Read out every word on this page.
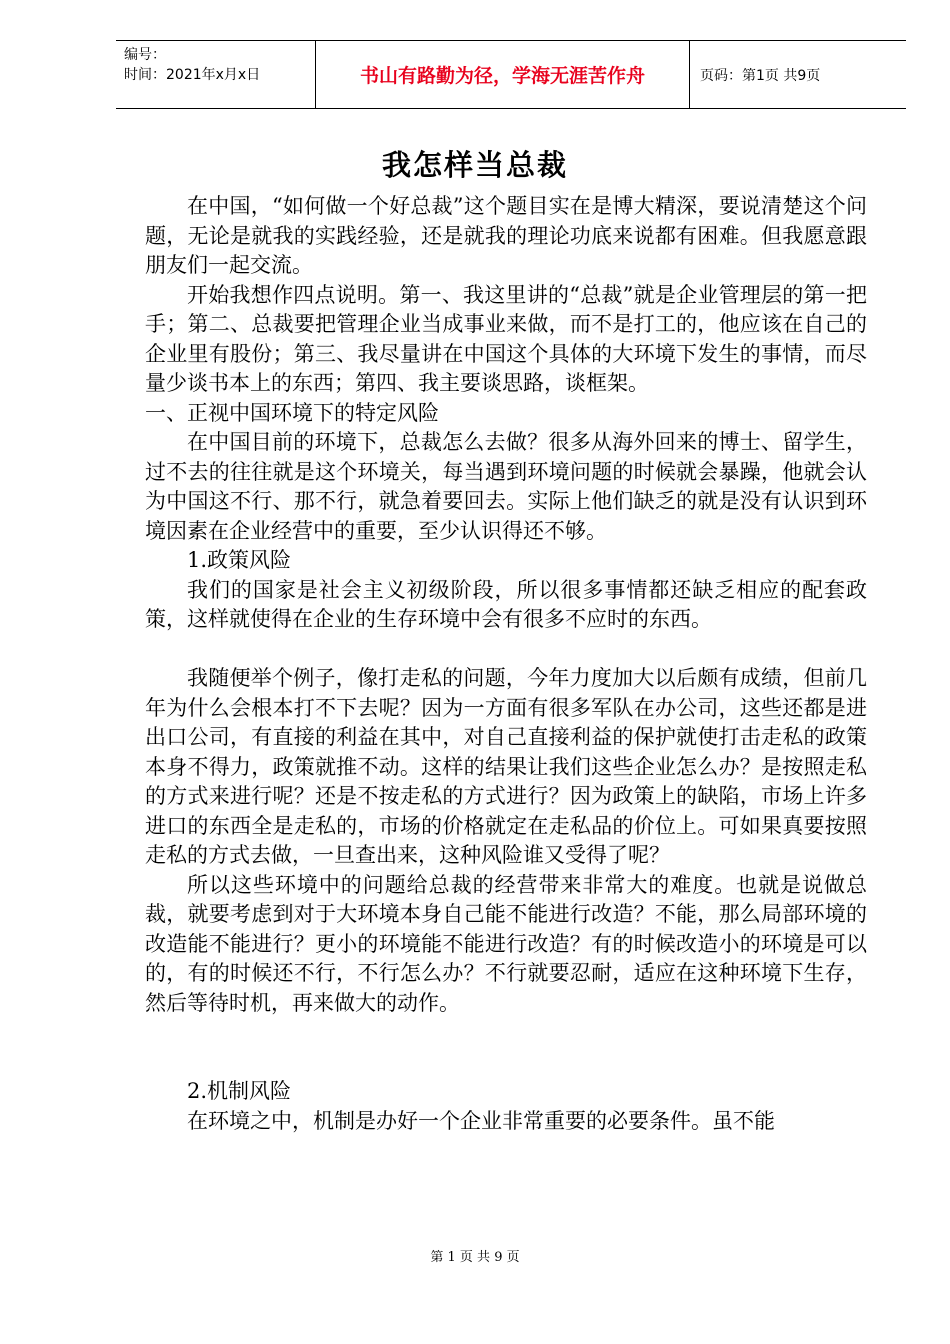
编号：
时间：2021年x月x日	书山有路勤为径，学海无涯苦作舟	页码：第1页 共9页
我怎样当总裁

在中国，“如何做一个好总裁”这个题目实在是博大精深，要说清楚这个问题，无论是就我的实践经验，还是就我的理论功底来说都有困难。但我愿意跟朋友们一起交流。

开始我想作四点说明。第一、我这里讲的“总裁”就是企业管理层的第一把手；第二、总裁要把管理企业当成事业来做，而不是打工的，他应该在自己的企业里有股份；第三、我尽量讲在中国这个具体的大环境下发生的事情，而尽量少谈书本上的东西；第四、我主要谈思路，谈框架。

一、正视中国环境下的特定风险

在中国目前的环境下，总裁怎么去做？很多从海外回来的博士、留学生，过不去的往往就是这个环境关，每当遇到环境问题的时候就会暴躁，他就会认为中国这不行、那不行，就急着要回去。实际上他们缺乏的就是没有认识到环境因素在企业经营中的重要，至少认识得还不够。

1.政策风险

我们的国家是社会主义初级阶段，所以很多事情都还缺乏相应的配套政策，这样就使得在企业的生存环境中会有很多不应时的东西。

我随便举个例子，像打走私的问题，今年力度加大以后颇有成绩，但前几年为什么会根本打不下去呢？因为一方面有很多军队在办公司，这些还都是进出口公司，有直接的利益在其中，对自己直接利益的保护就使打击走私的政策本身不得力，政策就推不动。这样的结果让我们这些企业怎么办？是按照走私的方式来进行呢？还是不按走私的方式进行？因为政策上的缺陷，市场上许多进口的东西全是走私的，市场的价格就定在走私品的价位上。可如果真要按照走私的方式去做，一旦查出来，这种风险谁又受得了呢？

所以这些环境中的问题给总裁的经营带来非常大的难度。也就是说做总裁，就要考虑到对于大环境本身自己能不能进行改造？不能，那么局部环境的改造能不能进行？更小的环境能不能进行改造？有的时候改造小的环境是可以的，有的时候还不行，不行怎么办？不行就要忍耐，适应在这种环境下生存，然后等待时机，再来做大的动作。

2.机制风险

在环境之中，机制是办好一个企业非常重要的必要条件。虽不能

第 1 页 共 9 页
